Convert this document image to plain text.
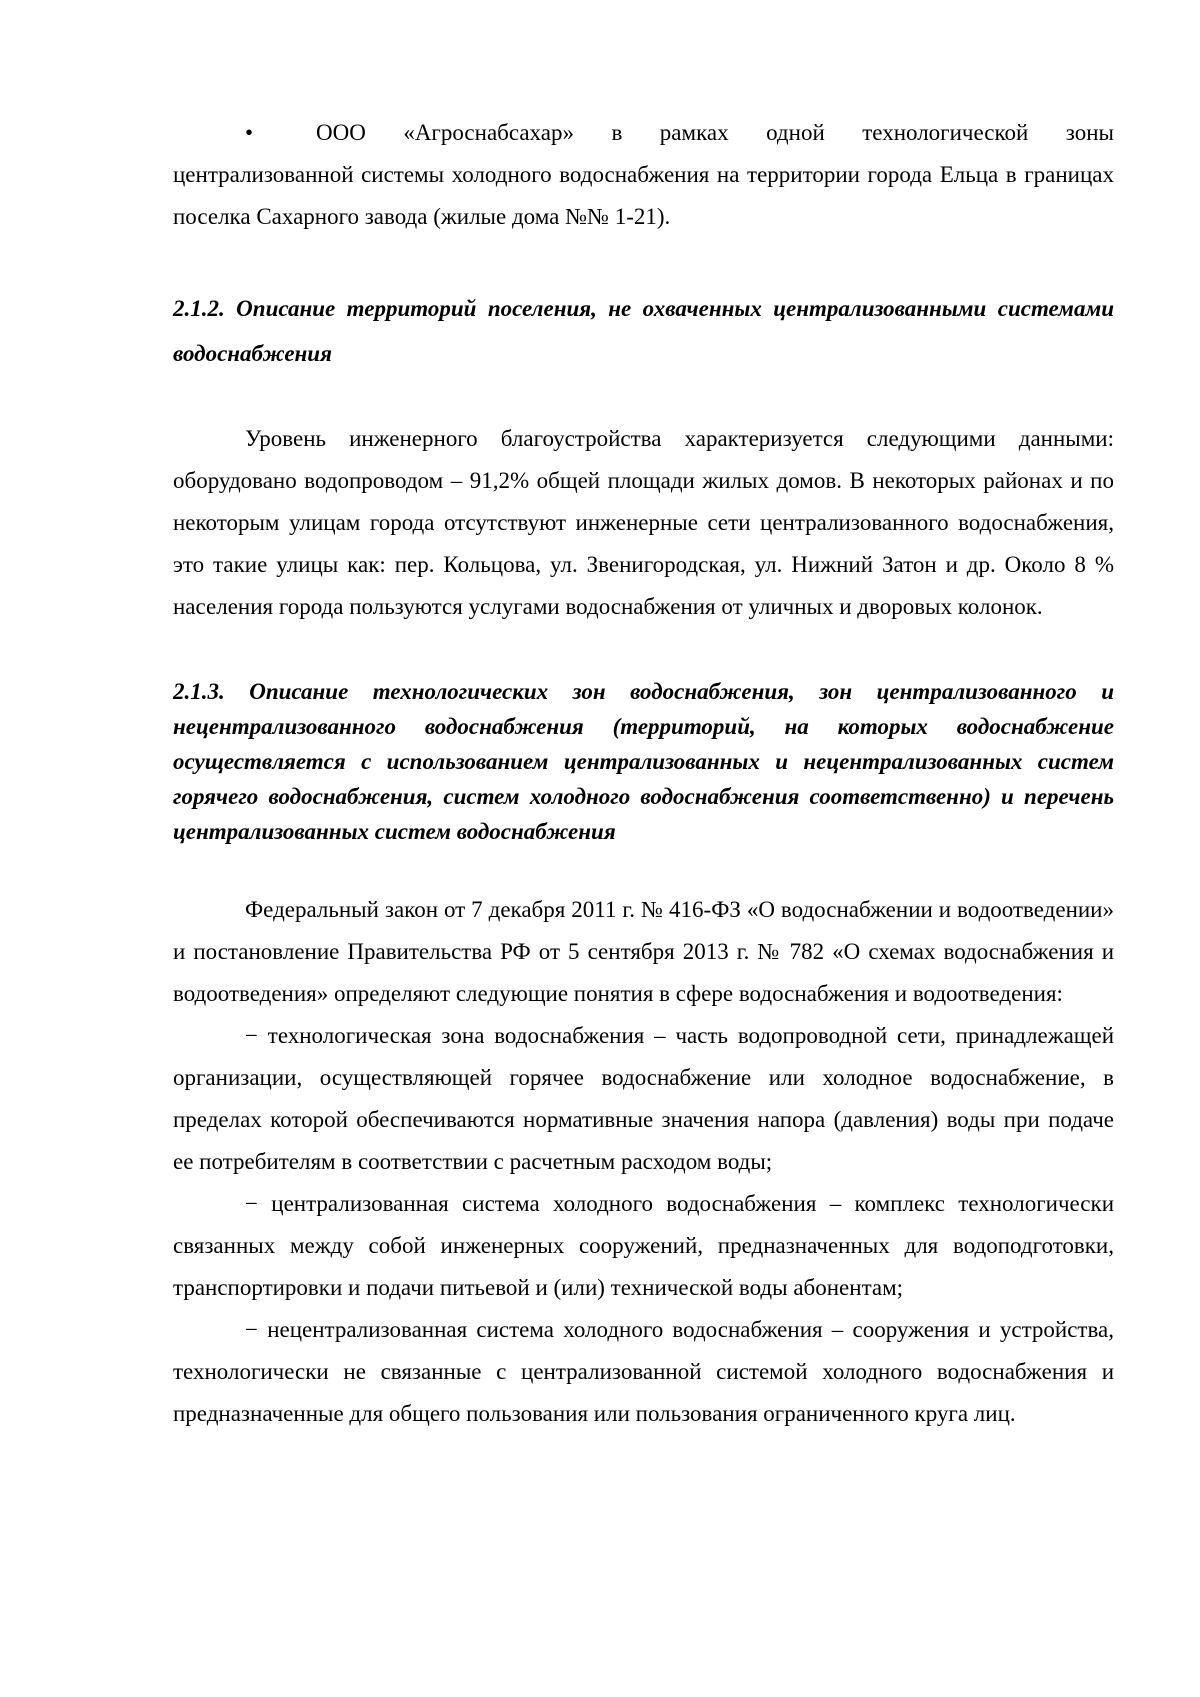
•	ООО «Агроснабсахар» в рамках одной технологической зоны
централизованной системы холодного водоснабжения на территории города Ельца в границах поселка Сахарного завода (жилые дома №№ 1-21).

2.1.2. Описание территорий поселения, не охваченных централизованными системами водоснабжения

Уровень инженерного благоустройства характеризуется следующими данными: оборудовано водопроводом – 91,2% общей площади жилых домов. В некоторых районах и по некоторым улицам города отсутствуют инженерные сети централизованного водоснабжения, это такие улицы как: пер. Кольцова, ул. Звенигородская, ул. Нижний Затон и др. Около 8 % населения города пользуются услугами водоснабжения от уличных и дворовых колонок.

2.1.3. Описание технологических зон водоснабжения, зон централизованного и нецентрализованного водоснабжения (территорий, на которых водоснабжение осуществляется с использованием централизованных и нецентрализованных систем горячего водоснабжения, систем холодного водоснабжения соответственно) и перечень централизованных систем водоснабжения

Федеральный закон от 7 декабря 2011 г. № 416-ФЗ «О водоснабжении и водоотведении» и постановление Правительства РФ от 5 сентября 2013 г. № 782 «О схемах водоснабжения и водоотведения» определяют следующие понятия в сфере водоснабжения и водоотведения:

− технологическая зона водоснабжения – часть водопроводной сети, принадлежащей организации, осуществляющей горячее водоснабжение или холодное водоснабжение, в пределах которой обеспечиваются нормативные значения напора (давления) воды при подаче ее потребителям в соответствии с расчетным расходом воды;

− централизованная система холодного водоснабжения – комплекс технологически связанных между собой инженерных сооружений, предназначенных для водоподготовки, транспортировки и подачи питьевой и (или) технической воды абонентам;

− нецентрализованная система холодного водоснабжения – сооружения и устройства, технологически не связанные с централизованной системой холодного водоснабжения и предназначенные для общего пользования или пользования ограниченного круга лиц.
